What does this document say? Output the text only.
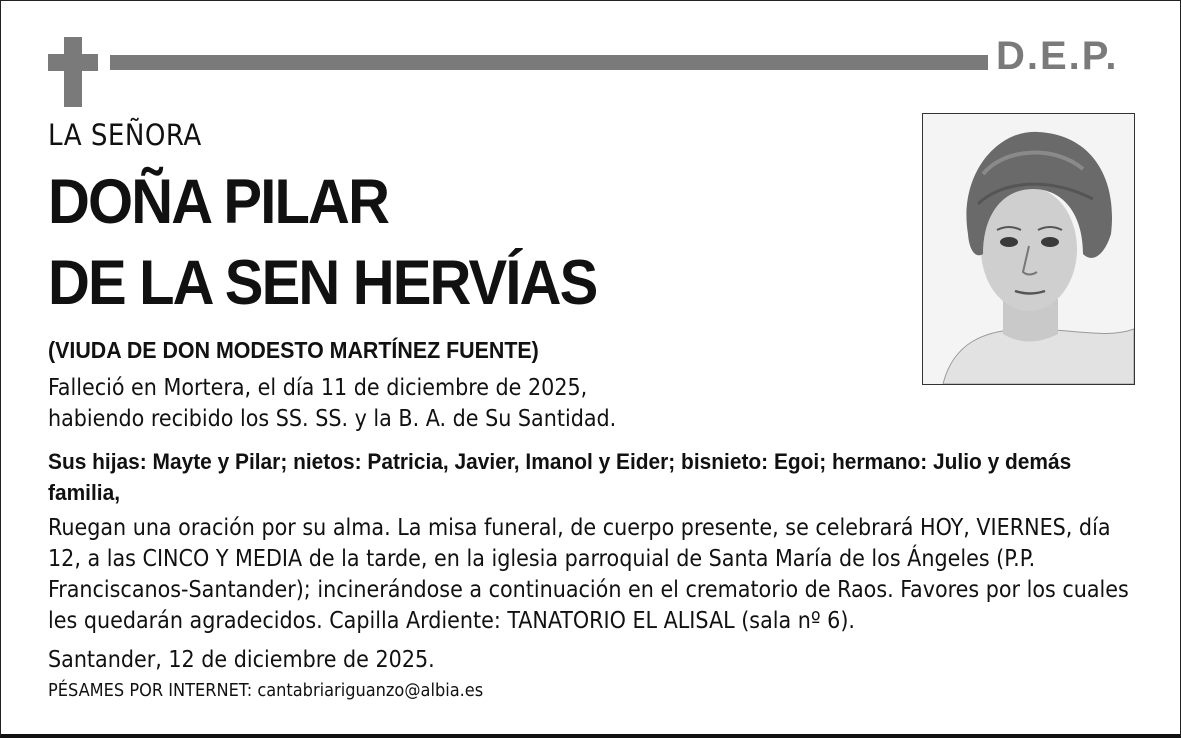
D.E.P.
LA SEÑORA
DOÑA PILAR
DE LA SEN HERVÍAS
(VIUDA DE DON MODESTO MARTÍNEZ FUENTE)
Falleció en Mortera, el día 11 de diciembre de 2025,
habiendo recibido los SS. SS. y la B. A. de Su Santidad.
Sus hijas: Mayte y Pilar; nietos: Patricia, Javier, Imanol y Eider; bisnieto: Egoi; hermano: Julio y demás familia,
Ruegan una oración por su alma. La misa funeral, de cuerpo presente, se celebrará HOY, VIERNES, día 12, a las CINCO Y MEDIA de la tarde, en la iglesia parroquial de Santa María de los Ángeles (P.P. Franciscanos-Santander); incinerándose a continuación en el crematorio de Raos. Favores por los cuales les quedarán agradecidos. Capilla Ardiente: TANATORIO EL ALISAL (sala nº 6).
Santander, 12 de diciembre de 2025.
PÉSAMES POR INTERNET: cantabriariguanzo@albia.es
